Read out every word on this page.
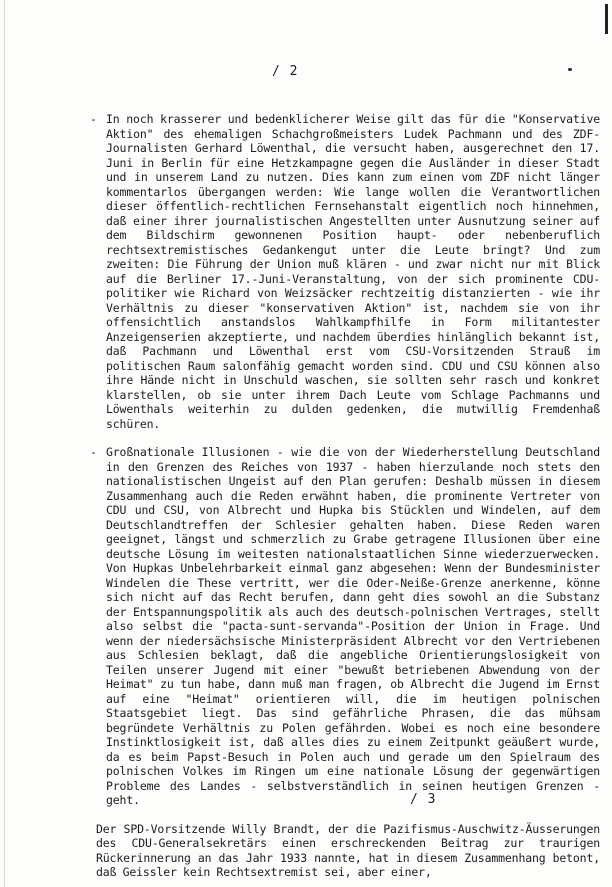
/ 2
- In noch krasserer und bedenklicherer Weise gilt das für die "Konservative Aktion" des ehemaligen Schachgroßmeisters Ludek Pachmann und des ZDF-Journalisten Gerhard Löwenthal, die versucht haben, ausgerechnet den 17. Juni in Berlin für eine Hetzkampagne gegen die Ausländer in dieser Stadt und in unserem Land zu nutzen. Dies kann zum einen vom ZDF nicht länger kommentarlos übergangen werden: Wie lange wollen die Verantwortlichen dieser öffentlich-rechtlichen Fernsehanstalt eigentlich noch hinnehmen, daß einer ihrer journalistischen Angestellten unter Ausnutzung seiner auf dem Bildschirm gewonnenen Position haupt- oder nebenberuflich rechtsextremistisches Gedankengut unter die Leute bringt? Und zum zweiten: Die Führung der Union muß klären - und zwar nicht nur mit Blick auf die Berliner 17.-Juni-Veranstaltung, von der sich prominente CDU-politiker wie Richard von Weizsäcker rechtzeitig distanzierten - wie ihr Verhältnis zu dieser "konservativen Aktion" ist, nachdem sie von ihr offensichtlich anstandslos Wahlkampfhilfe in Form militantester Anzeigenserien akzeptierte, und nachdem überdies hinlänglich bekannt ist, daß Pachmann und Löwenthal erst vom CSU-Vorsitzenden Strauß im politischen Raum salonfähig gemacht worden sind. CDU und CSU können also ihre Hände nicht in Unschuld waschen, sie sollten sehr rasch und konkret klarstellen, ob sie unter ihrem Dach Leute vom Schlage Pachmanns und Löwenthals weiterhin zu dulden gedenken, die mutwillig Fremdenhaß schüren.
- Großnationale Illusionen - wie die von der Wiederherstellung Deutschland in den Grenzen des Reiches von 1937 - haben hierzulande noch stets den nationalistischen Ungeist auf den Plan gerufen: Deshalb müssen in diesem Zusammenhang auch die Reden erwähnt haben, die prominente Vertreter von CDU und CSU, von Albrecht und Hupka bis Stücklen und Windelen, auf dem Deutschlandtreffen der Schlesier gehalten haben. Diese Reden waren geeignet, längst und schmerzlich zu Grabe getragene Illusionen über eine deutsche Lösung im weitesten nationalstaatlichen Sinne wiederzuerwecken. Von Hupkas Unbelehrbarkeit einmal ganz abgesehen: Wenn der Bundesminister Windelen die These vertritt, wer die Oder-Neiße-Grenze anerkenne, könne sich nicht auf das Recht berufen, dann geht dies sowohl an die Substanz der Entspannungspolitik als auch des deutsch-polnischen Vertrages, stellt also selbst die "pacta-sunt-servanda"-Position der Union in Frage. Und wenn der niedersächsische Ministerpräsident Albrecht vor den Vertriebenen aus Schlesien beklagt, daß die angebliche Orientierungslosigkeit von Teilen unserer Jugend mit einer "bewußt betriebenen Abwendung von der Heimat" zu tun habe, dann muß man fragen, ob Albrecht die Jugend im Ernst auf eine "Heimat" orientieren will, die im heutigen polnischen Staatsgebiet liegt. Das sind gefährliche Phrasen, die das mühsam begründete Verhältnis zu Polen gefährden. Wobei es noch eine besondere Instinktlosigkeit ist, daß alles dies zu einem Zeitpunkt geäußert wurde, da es beim Papst-Besuch in Polen auch und gerade um den Spielraum des polnischen Volkes im Ringen um eine nationale Lösung der gegenwärtigen Probleme des Landes - selbstverständlich in seinen heutigen Grenzen - geht.
Der SPD-Vorsitzende Willy Brandt, der die Pazifismus-Auschwitz-Äusserungen des CDU-Generalsekretärs einen erschreckenden Beitrag zur traurigen Rückerinnerung an das Jahr 1933 nannte, hat in diesem Zusammenhang betont, daß Geissler kein Rechtsextremist sei, aber einer,
/ 3
